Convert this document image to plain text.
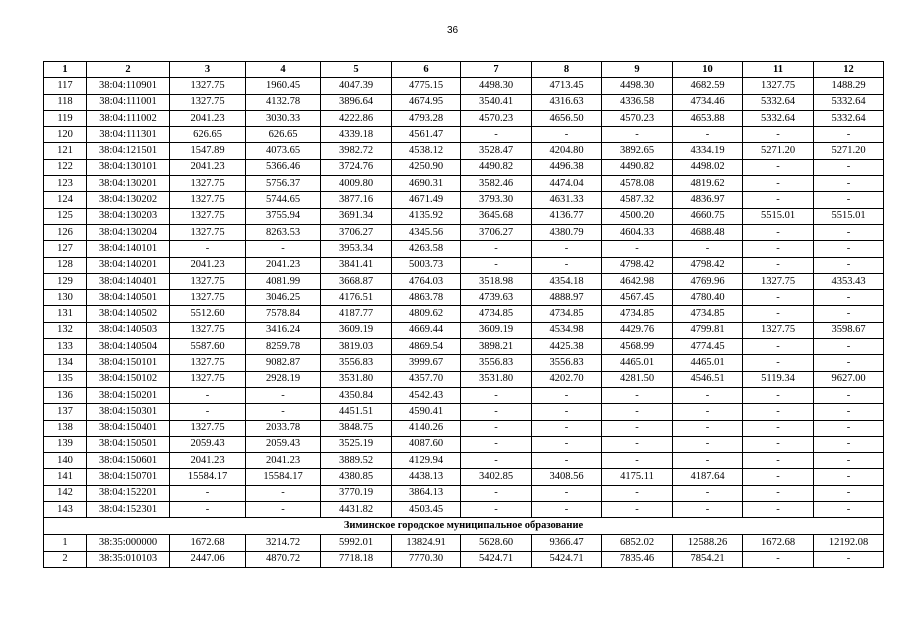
36
1	2	3	4	5	6	7	8	9	10	11	12
117	38:04:110901	1327.75	1960.45	4047.39	4775.15	4498.30	4713.45	4498.30	4682.59	1327.75	1488.29
118	38:04:111001	1327.75	4132.78	3896.64	4674.95	3540.41	4316.63	4336.58	4734.46	5332.64	5332.64
119	38:04:111002	2041.23	3030.33	4222.86	4793.28	4570.23	4656.50	4570.23	4653.88	5332.64	5332.64
120	38:04:111301	626.65	626.65	4339.18	4561.47	-	-	-	-	-	-
121	38:04:121501	1547.89	4073.65	3982.72	4538.12	3528.47	4204.80	3892.65	4334.19	5271.20	5271.20
122	38:04:130101	2041.23	5366.46	3724.76	4250.90	4490.82	4496.38	4490.82	4498.02	-	-
123	38:04:130201	1327.75	5756.37	4009.80	4690.31	3582.46	4474.04	4578.08	4819.62	-	-
124	38:04:130202	1327.75	5744.65	3877.16	4671.49	3793.30	4631.33	4587.32	4836.97	-	-
125	38:04:130203	1327.75	3755.94	3691.34	4135.92	3645.68	4136.77	4500.20	4660.75	5515.01	5515.01
126	38:04:130204	1327.75	8263.53	3706.27	4345.56	3706.27	4380.79	4604.33	4688.48	-	-
127	38:04:140101	-	-	3953.34	4263.58	-	-	-	-	-	-
128	38:04:140201	2041.23	2041.23	3841.41	5003.73	-	-	4798.42	4798.42	-	-
129	38:04:140401	1327.75	4081.99	3668.87	4764.03	3518.98	4354.18	4642.98	4769.96	1327.75	4353.43
130	38:04:140501	1327.75	3046.25	4176.51	4863.78	4739.63	4888.97	4567.45	4780.40	-	-
131	38:04:140502	5512.60	7578.84	4187.77	4809.62	4734.85	4734.85	4734.85	4734.85	-	-
132	38:04:140503	1327.75	3416.24	3609.19	4669.44	3609.19	4534.98	4429.76	4799.81	1327.75	3598.67
133	38:04:140504	5587.60	8259.78	3819.03	4869.54	3898.21	4425.38	4568.99	4774.45	-	-
134	38:04:150101	1327.75	9082.87	3556.83	3999.67	3556.83	3556.83	4465.01	4465.01	-	-
135	38:04:150102	1327.75	2928.19	3531.80	4357.70	3531.80	4202.70	4281.50	4546.51	5119.34	9627.00
136	38:04:150201	-	-	4350.84	4542.43	-	-	-	-	-	-
137	38:04:150301	-	-	4451.51	4590.41	-	-	-	-	-	-
138	38:04:150401	1327.75	2033.78	3848.75	4140.26	-	-	-	-	-	-
139	38:04:150501	2059.43	2059.43	3525.19	4087.60	-	-	-	-	-	-
140	38:04:150601	2041.23	2041.23	3889.52	4129.94	-	-	-	-	-	-
141	38:04:150701	15584.17	15584.17	4380.85	4438.13	3402.85	3408.56	4175.11	4187.64	-	-
142	38:04:152201	-	-	3770.19	3864.13	-	-	-	-	-	-
143	38:04:152301	-	-	4431.82	4503.45	-	-	-	-	-	-
Зиминское городское муниципальное образование											
1	38:35:000000	1672.68	3214.72	5992.01	13824.91	5628.60	9366.47	6852.02	12588.26	1672.68	12192.08
2	38:35:010103	2447.06	4870.72	7718.18	7770.30	5424.71	5424.71	7835.46	7854.21	-	-
